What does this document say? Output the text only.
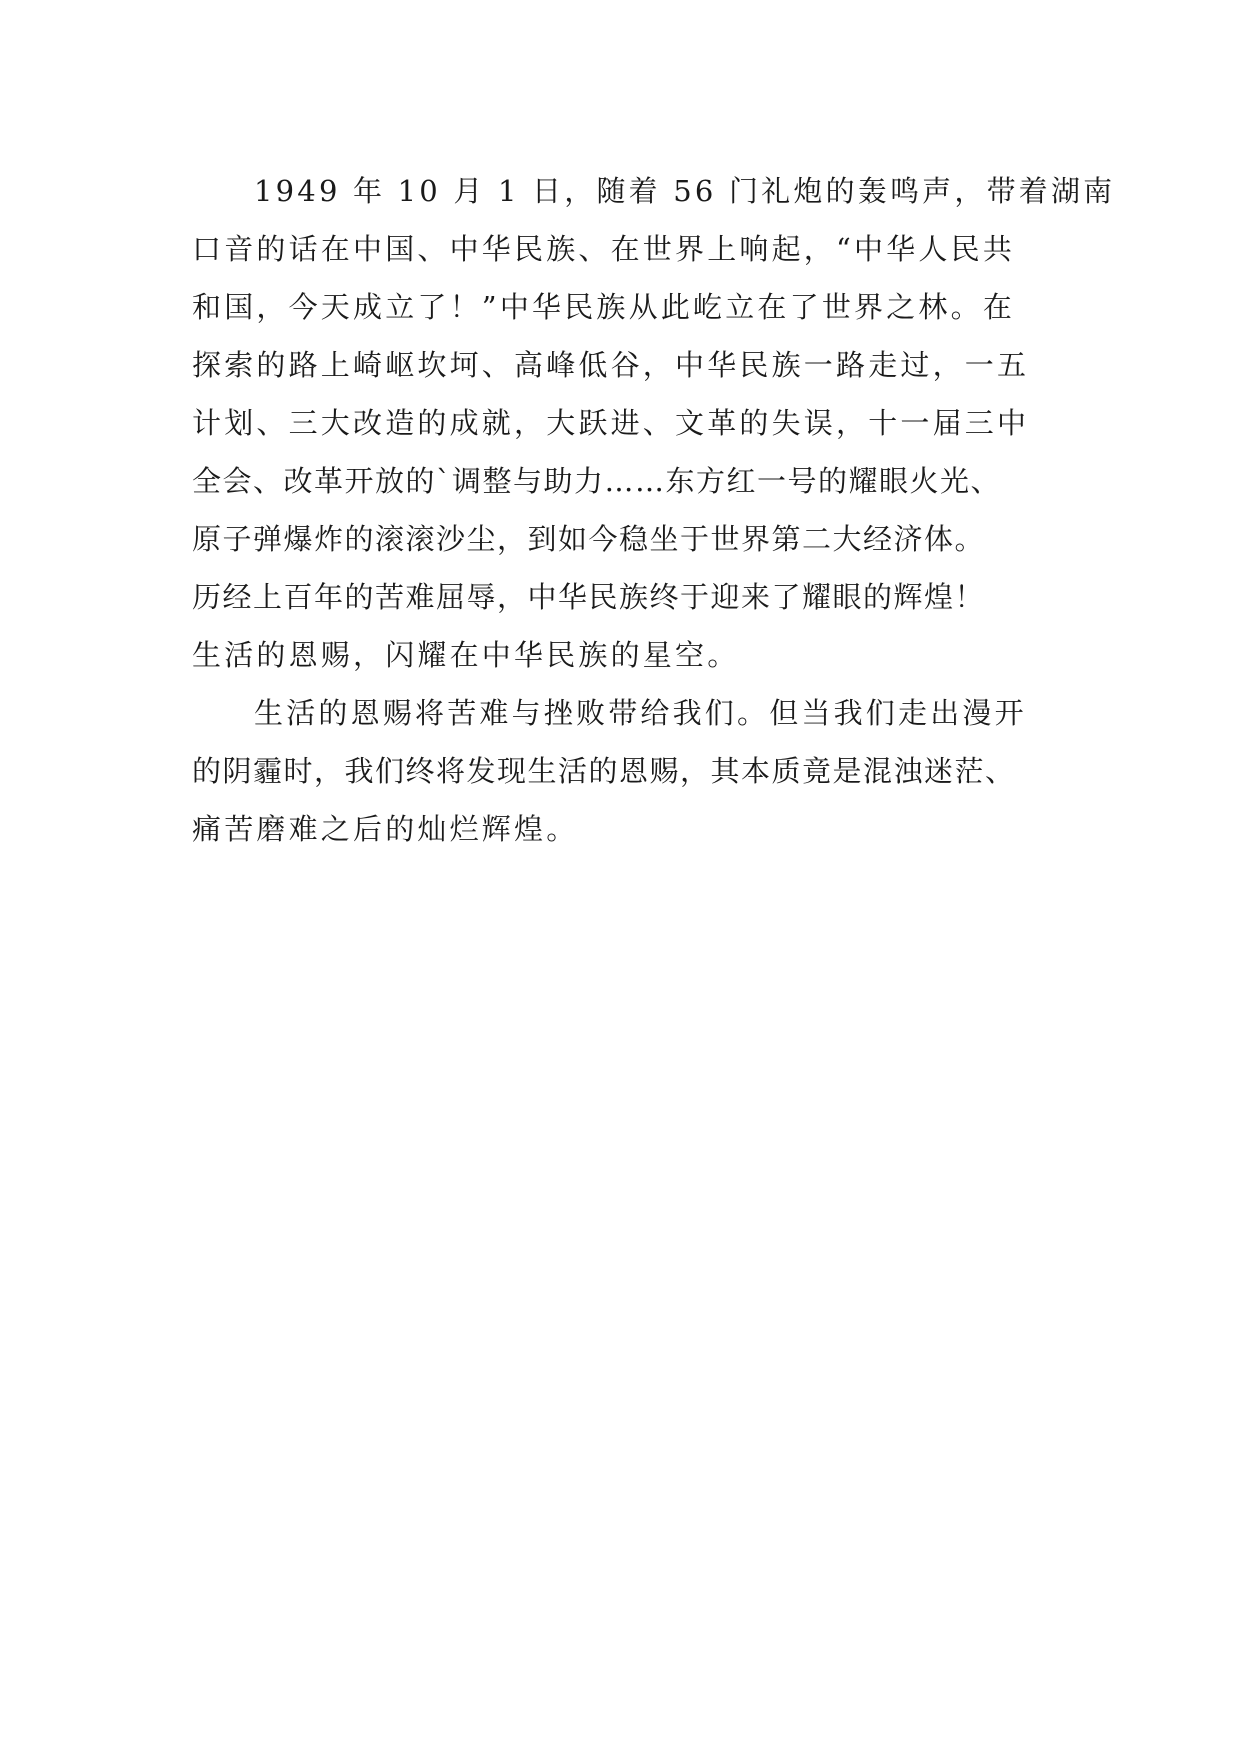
1949 年 10 月 1 日，随着 56 门礼炮的轰鸣声，带着湖南
口音的话在中国、中华民族、在世界上响起，“中华人民共
和国，今天成立了！”中华民族从此屹立在了世界之林。在
探索的路上崎岖坎坷、高峰低谷，中华民族一路走过，一五
计划、三大改造的成就，大跃进、文革的失误，十一届三中
全会、改革开放的`调整与助力……东方红一号的耀眼火光、
原子弹爆炸的滚滚沙尘，到如今稳坐于世界第二大经济体。
历经上百年的苦难屈辱，中华民族终于迎来了耀眼的辉煌！
生活的恩赐，闪耀在中华民族的星空。
生活的恩赐将苦难与挫败带给我们。但当我们走出漫开
的阴霾时，我们终将发现生活的恩赐，其本质竟是混浊迷茫、
痛苦磨难之后的灿烂辉煌。
